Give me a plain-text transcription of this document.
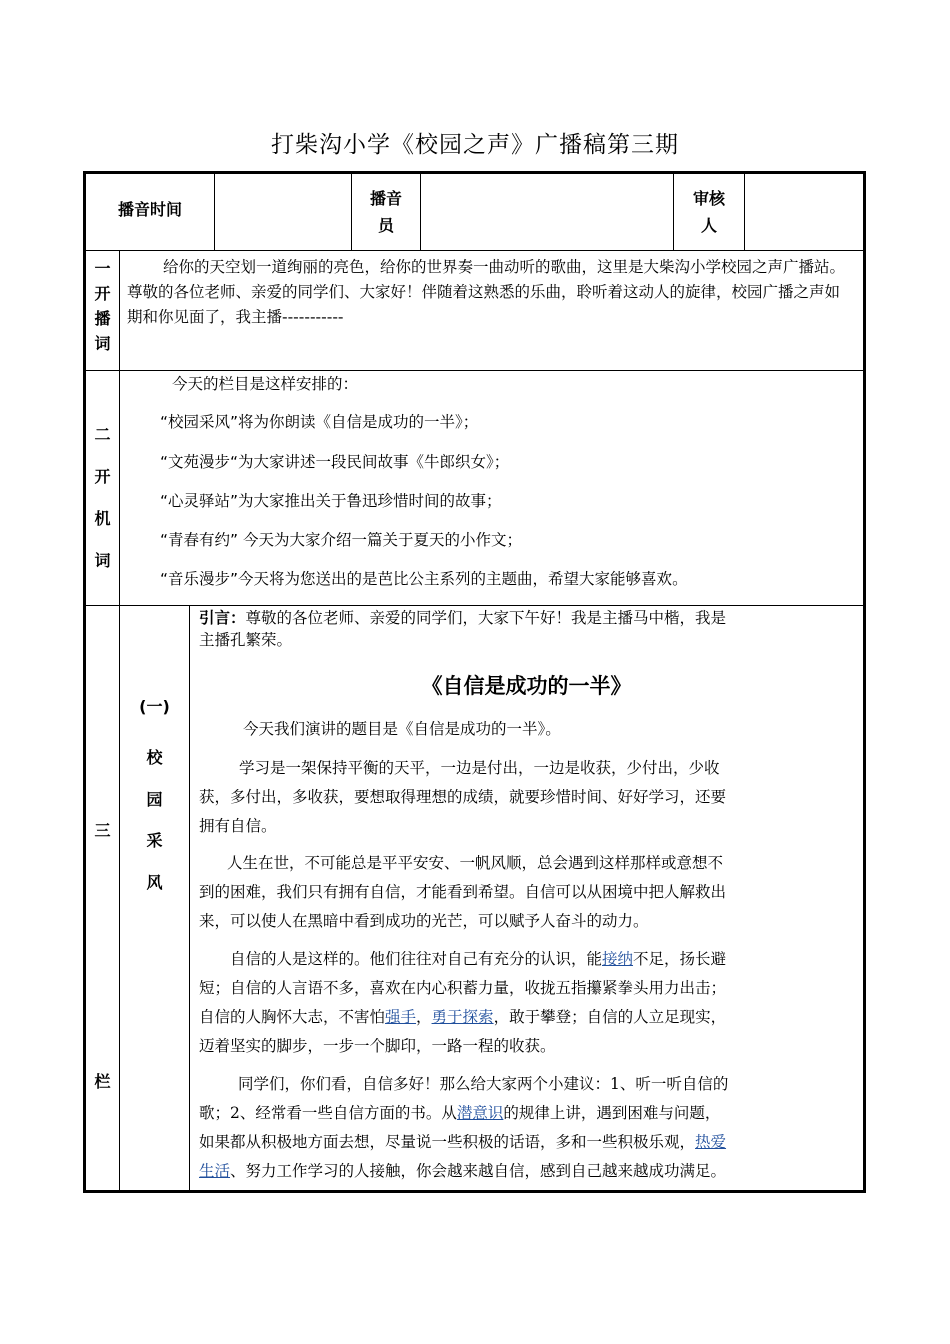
打柴沟小学《校园之声》广播稿第三期
播音时间
播音
员
审核
人
一
开
播
词
给你的天空划一道绚丽的亮色，给你的世界奏一曲动听的歌曲，这里是大柴沟小学校园之声广播站。尊敬的各位老师、亲爱的同学们、大家好！伴随着这熟悉的乐曲，聆听着这动人的旋律，校园广播之声如期和你见面了，我主播-----------
二
开
机
词
今天的栏目是这样安排的：
“校园采风”将为你朗读《自信是成功的一半》；
“文苑漫步“为大家讲述一段民间故事《牛郎织女》；
“心灵驿站”为大家推出关于鲁迅珍惜时间的故事；
“青春有约” 今天为大家介绍一篇关于夏天的小作文；
“音乐漫步”今天将为您送出的是芭比公主系列的主题曲，希望大家能够喜欢。
三
栏
(一)
校
园
采
风
引言：尊敬的各位老师、亲爱的同学们，大家下午好！我是主播马中楷，我是
主播孔繁荣。
《自信是成功的一半》
今天我们演讲的题目是《自信是成功的一半》。
学习是一架保持平衡的天平，一边是付出，一边是收获，少付出，少收
获，多付出，多收获，要想取得理想的成绩，就要珍惜时间、好好学习，还要
拥有自信。
人生在世，不可能总是平平安安、一帆风顺，总会遇到这样那样或意想不
到的困难，我们只有拥有自信，才能看到希望。自信可以从困境中把人解救出
来，可以使人在黑暗中看到成功的光芒，可以赋予人奋斗的动力。
自信的人是这样的。他们往往对自己有充分的认识，能接纳不足，扬长避
短；自信的人言语不多，喜欢在内心积蓄力量，收拢五指攥紧拳头用力出击；
自信的人胸怀大志，不害怕强手，勇于探索，敢于攀登；自信的人立足现实，
迈着坚实的脚步，一步一个脚印，一路一程的收获。
同学们，你们看，自信多好！那么给大家两个小建议：1、听一听自信的
歌；2、经常看一些自信方面的书。从潜意识的规律上讲，遇到困难与问题，
如果都从积极地方面去想，尽量说一些积极的话语，多和一些积极乐观，热爱
生活、努力工作学习的人接触，你会越来越自信，感到自己越来越成功满足。
